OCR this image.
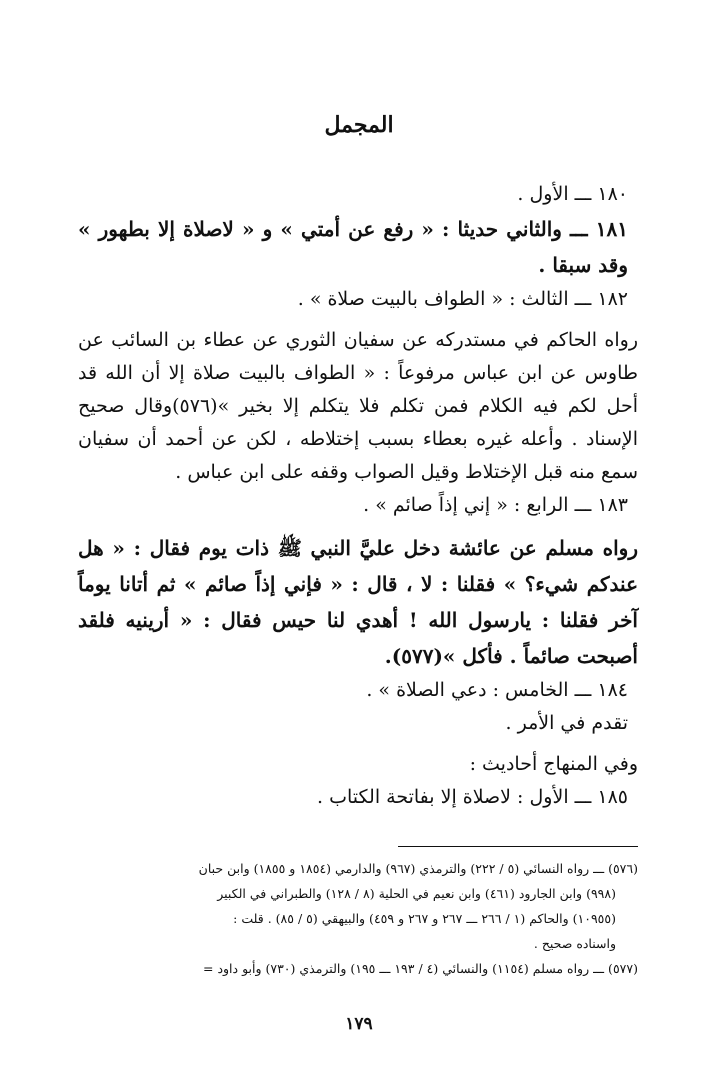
المجمل

١٨٠ ـــ الأول .

١٨١ ـــ والثاني حديثا : « رفع عن أمتي » و « لاصلاة إلا بطهور » وقد سبقا .

١٨٢ ـــ الثالث : « الطواف بالبيت صلاة » .

رواه الحاكم في مستدركه عن سفيان الثوري عن عطاء بن السائب عن طاوس عن ابن عباس مرفوعاً : « الطواف بالبيت صلاة إلا أن الله قد أحل لكم فيه الكلام فمن تكلم فلا يتكلم إلا بخير »(٥٧٦)وقال صحيح الإسناد . وأعله غيره بعطاء بسبب إختلاطه ، لكن عن أحمد أن سفيان سمع منه قبل الإختلاط وقيل الصواب وقفه على ابن عباس .

١٨٣ ـــ الرابع : « إني إذاً صائم » .

رواه مسلم عن عائشة دخل عليَّ النبي ﷺ ذات يوم فقال : « هل عندكم شيء؟ » فقلنا : لا ، قال : « فإني إذاً صائم » ثم أتانا يوماً آخر فقلنا : يارسول الله ! أهدي لنا حيس فقال : « أرينيه فلقد أصبحت صائماً . فأكل »(٥٧٧).

١٨٤ ـــ الخامس : دعي الصلاة » .

تقدم في الأمر .

وفي المنهاج أحاديث :

١٨٥ ـــ الأول : لاصلاة إلا بفاتحة الكتاب .

(٥٧٦) ـــ رواه النسائي (٥ / ٢٢٢) والترمذي (٩٦٧) والدارمي (١٨٥٤ و ١٨٥٥) وابن حبان

(٩٩٨) وابن الجارود (٤٦١) وابن نعيم في الحلية (٨ / ١٢٨) والطبراني في الكبير

(١٠٩٥٥) والحاكم (١ / ٢٦٦ ـــ ٢٦٧ و ٢٦٧ و ٤٥٩) والبيهقي (٥ / ٨٥) . قلت :

واسناده صحيح .

(٥٧٧) ـــ رواه مسلم (١١٥٤) والنسائي (٤ / ١٩٣ ـــ ١٩٥) والترمذي (٧٣٠) وأبو داود =

١٧٩
